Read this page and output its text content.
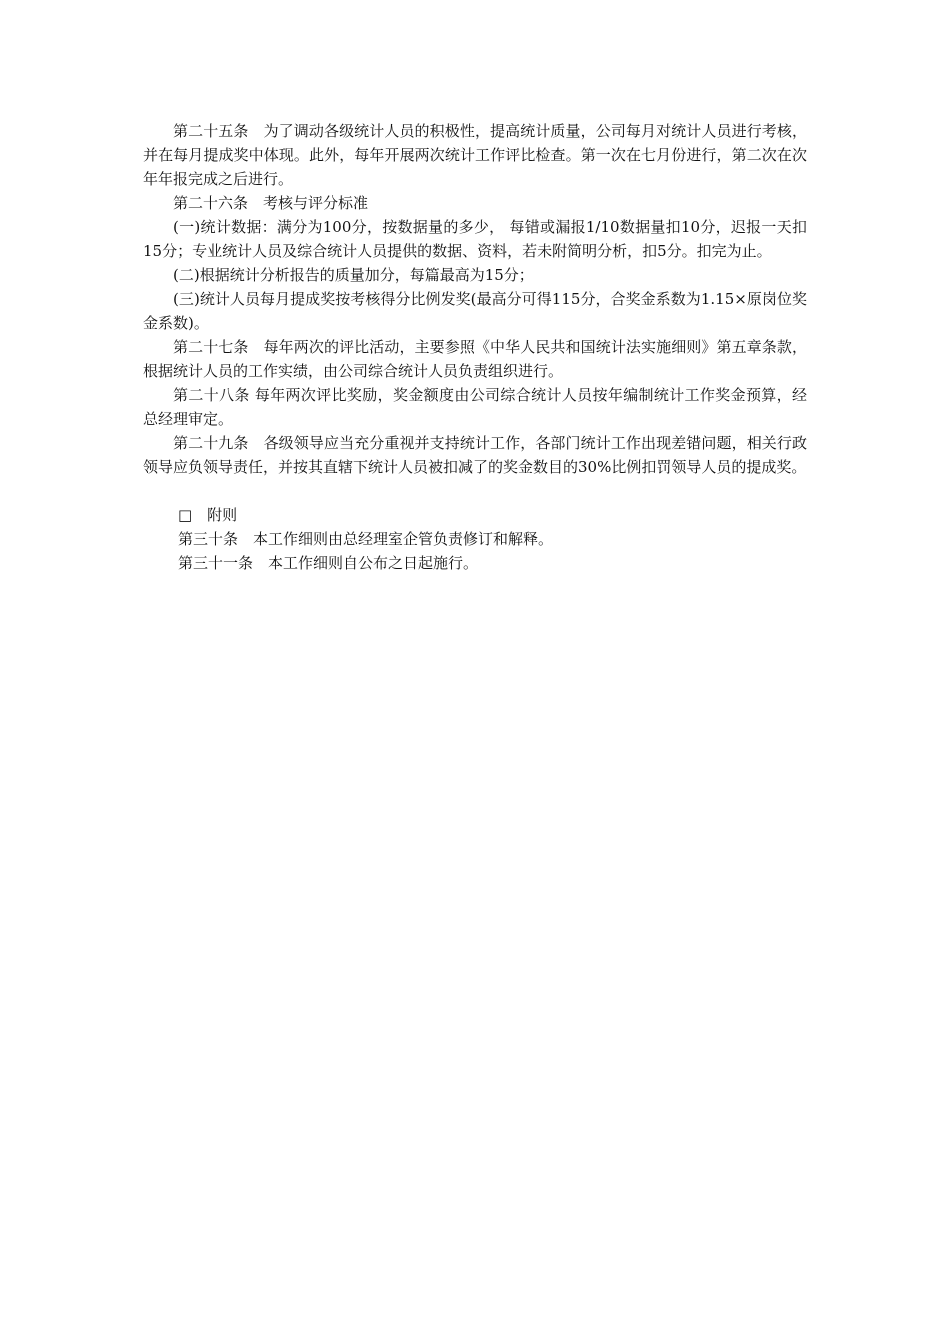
第二十五条　为了调动各级统计人员的积极性，提高统计质量，公司每月对统计人员进行考核，并在每月提成奖中体现。此外，每年开展两次统计工作评比检查。第一次在七月份进行，第二次在次年年报完成之后进行。

第二十六条　考核与评分标准

(一)统计数据：满分为100分，按数据量的多少， 每错或漏报1/10数据量扣10分，迟报一天扣15分；专业统计人员及综合统计人员提供的数据、资料，若未附简明分析，扣5分。扣完为止。

(二)根据统计分析报告的质量加分，每篇最高为15分；

(三)统计人员每月提成奖按考核得分比例发奖(最高分可得115分，合奖金系数为1.15×原岗位奖金系数)。

第二十七条　每年两次的评比活动，主要参照《中华人民共和国统计法实施细则》第五章条款，根据统计人员的工作实绩，由公司综合统计人员负责组织进行。

第二十八条 每年两次评比奖励，奖金额度由公司综合统计人员按年编制统计工作奖金预算，经总经理审定。

第二十九条　各级领导应当充分重视并支持统计工作，各部门统计工作出现差错问题，相关行政领导应负领导责任，并按其直辖下统计人员被扣减了的奖金数目的30%比例扣罚领导人员的提成奖。

□　附则

第三十条　本工作细则由总经理室企管负责修订和解释。

第三十一条　本工作细则自公布之日起施行。
